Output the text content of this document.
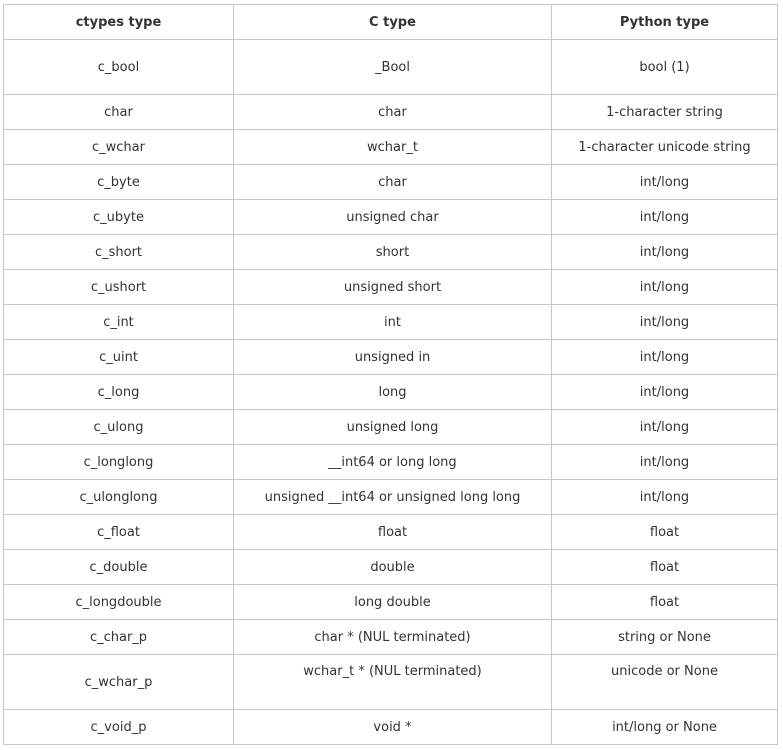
ctypes type	C type	Python type
c_bool	_Bool	bool (1)
char	char	1-character string
c_wchar	wchar_t	1-character unicode string
c_byte	char	int/long
c_ubyte	unsigned char	int/long
c_short	short	int/long
c_ushort	unsigned short	int/long
c_int	int	int/long
c_uint	unsigned in	int/long
c_long	long	int/long
c_ulong	unsigned long	int/long
c_longlong	__int64 or long long	int/long
c_ulonglong	unsigned __int64 or unsigned long long	int/long
c_float	float	float
c_double	double	float
c_longdouble	long double	float
c_char_p	char * (NUL terminated)	string or None
c_wchar_p	wchar_t * (NUL terminated)	unicode or None
c_void_p	void *	int/long or None
